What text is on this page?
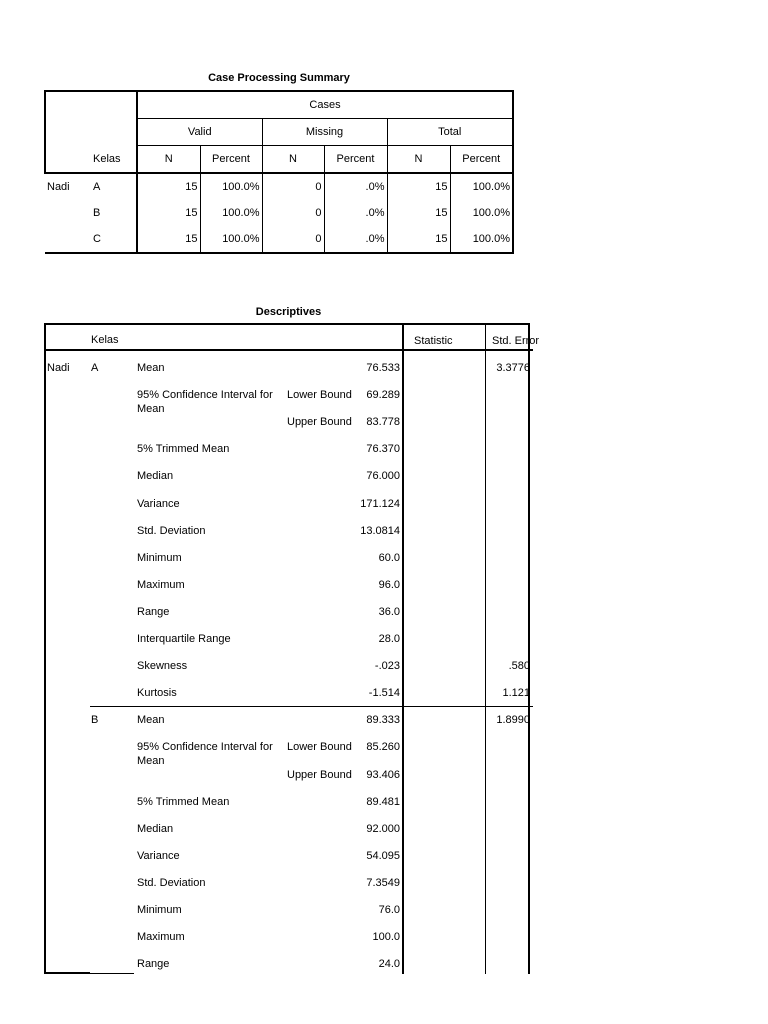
Case Processing Summary
		Cases					
		Valid		Missing		Total	
	Kelas	N	Percent	N	Percent	N	Percent
Nadi	A	15	100.0%	0	.0%	15	100.0%
	B	15	100.0%	0	.0%	15	100.0%
	C	15	100.0%	0	.0%	15	100.0%
Descriptives
Kelas	Statistic	Std. Error
Nadi A	Mean	76.533	3.3776
95% Confidence Interval for
Mean
Lower Bound 69.289
Upper Bound 83.778
5% Trimmed Mean	76.370
Median	76.000
Variance	171.124
Std. Deviation	13.0814
Minimum	60.0
Maximum	96.0
Range	36.0
Interquartile Range	28.0
Skewness	-.023	.580
Kurtosis	-1.514	1.121
B	Mean	89.333	1.8990
95% Confidence Interval for
Mean
Lower Bound 85.260
Upper Bound 93.406
5% Trimmed Mean	89.481
Median	92.000
Variance	54.095
Std. Deviation	7.3549
Minimum	76.0
Maximum	100.0
Range	24.0
